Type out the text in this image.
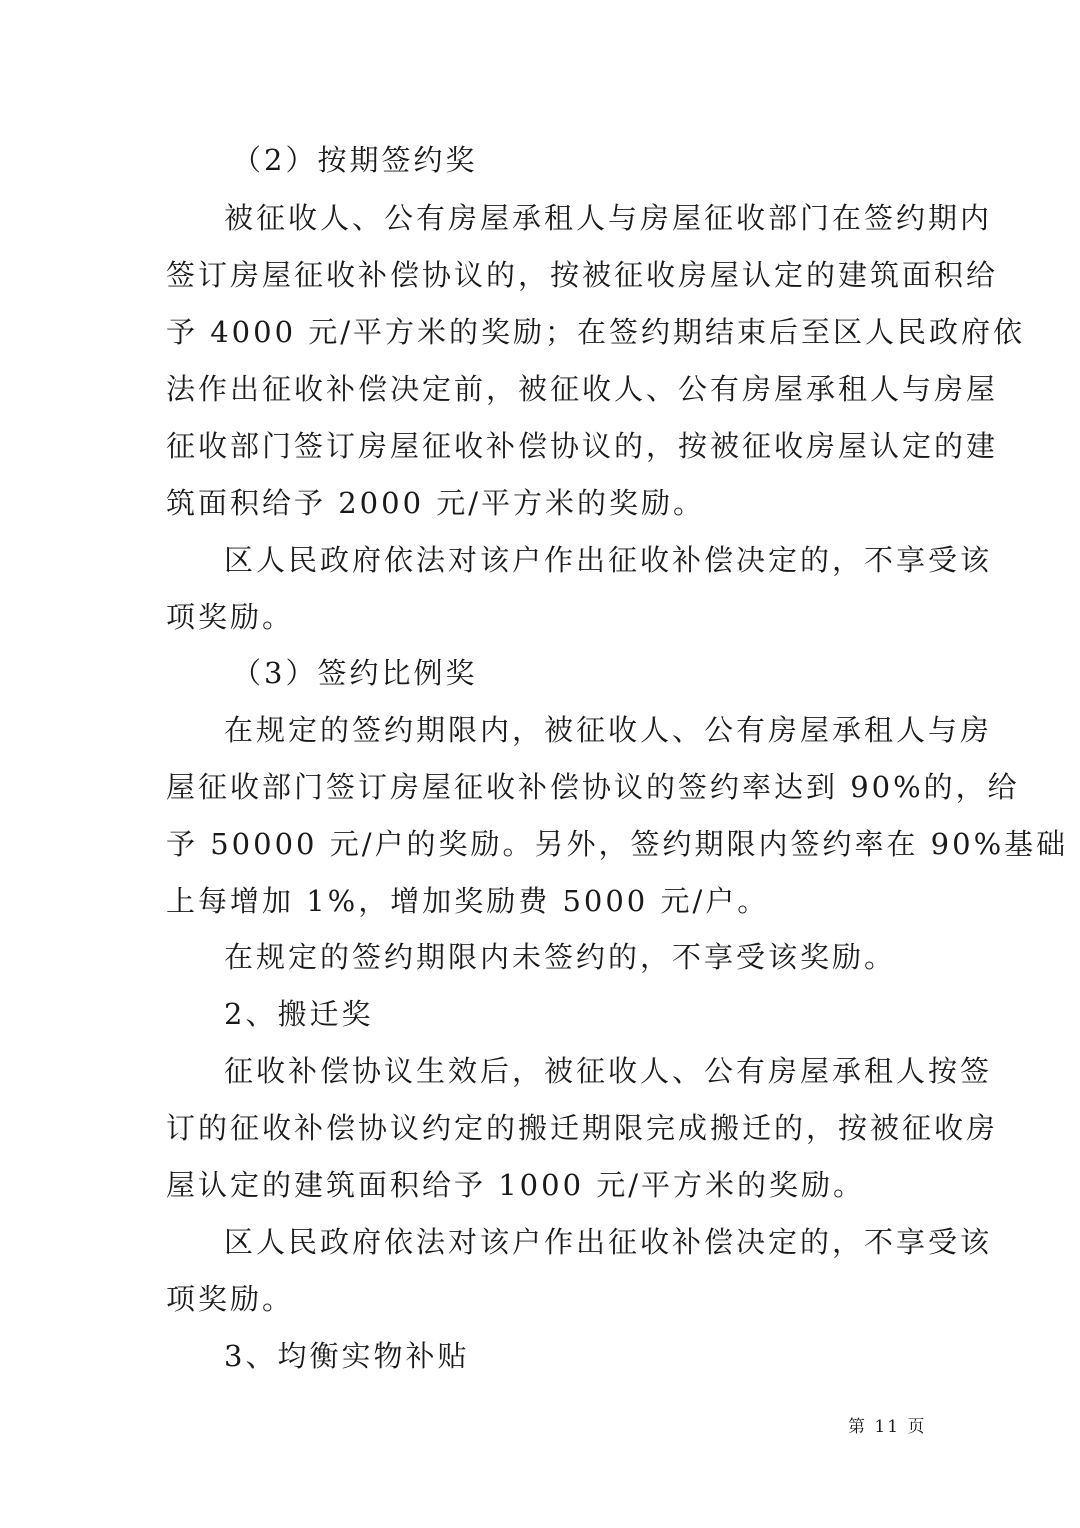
（2）按期签约奖
被征收人、公有房屋承租人与房屋征收部门在签约期内
签订房屋征收补偿协议的，按被征收房屋认定的建筑面积给
予 4000 元/平方米的奖励；在签约期结束后至区人民政府依
法作出征收补偿决定前，被征收人、公有房屋承租人与房屋
征收部门签订房屋征收补偿协议的，按被征收房屋认定的建
筑面积给予 2000 元/平方米的奖励。
区人民政府依法对该户作出征收补偿决定的，不享受该
项奖励。
（3）签约比例奖
在规定的签约期限内，被征收人、公有房屋承租人与房
屋征收部门签订房屋征收补偿协议的签约率达到 90%的，给
予 50000 元/户的奖励。另外，签约期限内签约率在 90%基础
上每增加 1%，增加奖励费 5000 元/户。
在规定的签约期限内未签约的，不享受该奖励。
2、搬迁奖
征收补偿协议生效后，被征收人、公有房屋承租人按签
订的征收补偿协议约定的搬迁期限完成搬迁的，按被征收房
屋认定的建筑面积给予 1000 元/平方米的奖励。
区人民政府依法对该户作出征收补偿决定的，不享受该
项奖励。
3、均衡实物补贴
第 11 页
